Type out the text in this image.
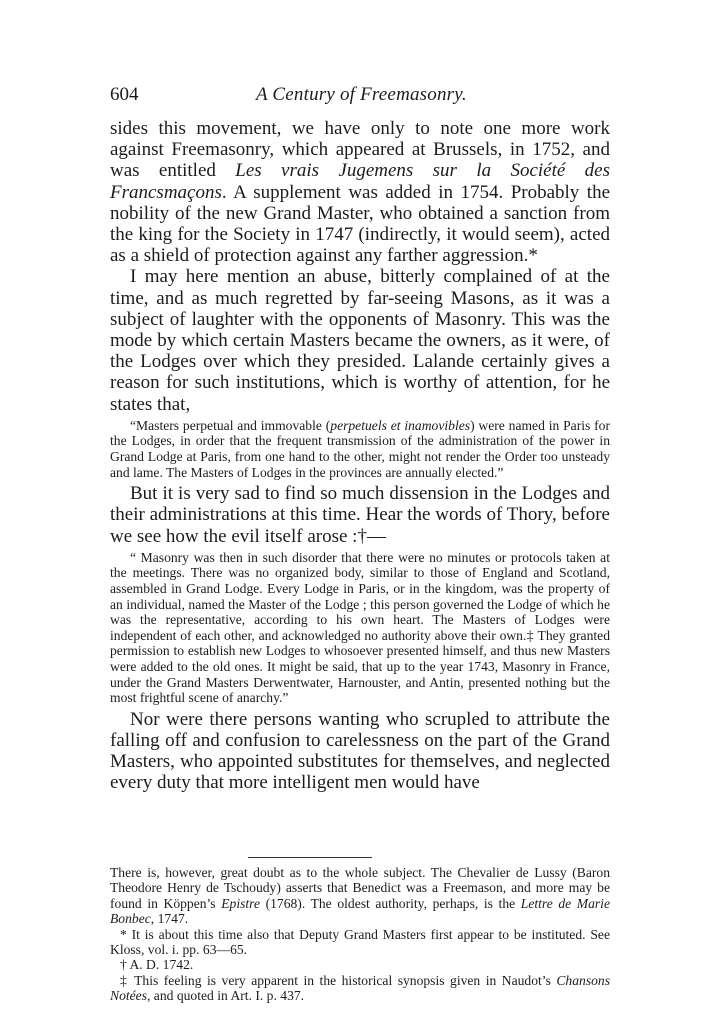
604	A Century of Freemasonry.

sides this movement, we have only to note one more work against Freemasonry, which appeared at Brussels, in 1752, and was entitled Les vrais Jugemens sur la Société des Francsmaçons. A supplement was added in 1754. Probably the nobility of the new Grand Master, who obtained a sanction from the king for the Society in 1747 (indirectly, it would seem), acted as a shield of protection against any farther aggression.*

I may here mention an abuse, bitterly complained of at the time, and as much regretted by far-seeing Masons, as it was a subject of laughter with the opponents of Masonry. This was the mode by which certain Masters became the owners, as it were, of the Lodges over which they presided. Lalande certainly gives a reason for such institutions, which is worthy of attention, for he states that,

“Masters perpetual and immovable (perpetuels et inamovibles) were named in Paris for the Lodges, in order that the frequent transmission of the administration of the power in Grand Lodge at Paris, from one hand to the other, might not render the Order too unsteady and lame. The Masters of Lodges in the provinces are annually elected.”

But it is very sad to find so much dissension in the Lodges and their administrations at this time. Hear the words of Thory, before we see how the evil itself arose :†—

“ Masonry was then in such disorder that there were no minutes or protocols taken at the meetings. There was no organized body, similar to those of England and Scotland, assembled in Grand Lodge. Every Lodge in Paris, or in the kingdom, was the property of an individual, named the Master of the Lodge ; this person governed the Lodge of which he was the representative, according to his own heart. The Masters of Lodges were independent of each other, and acknowledged no authority above their own.‡ They granted permission to establish new Lodges to whosoever presented himself, and thus new Masters were added to the old ones. It might be said, that up to the year 1743, Masonry in France, under the Grand Masters Derwentwater, Harnouster, and Antin, presented nothing but the most frightful scene of anarchy.”

Nor were there persons wanting who scrupled to attribute the falling off and confusion to carelessness on the part of the Grand Masters, who appointed substitutes for themselves, and neglected every duty that more intelligent men would have

There is, however, great doubt as to the whole subject. The Chevalier de Lussy (Baron Theodore Henry de Tschoudy) asserts that Benedict was a Freemason, and more may be found in Köppen’s Epistre (1768). The oldest authority, perhaps, is the Lettre de Marie Bonbec, 1747.

* It is about this time also that Deputy Grand Masters first appear to be instituted. See Kloss, vol. i. pp. 63—65.

† A. D. 1742.

‡ This feeling is very apparent in the historical synopsis given in Naudot’s Chansons Notées, and quoted in Art. I. p. 437.
